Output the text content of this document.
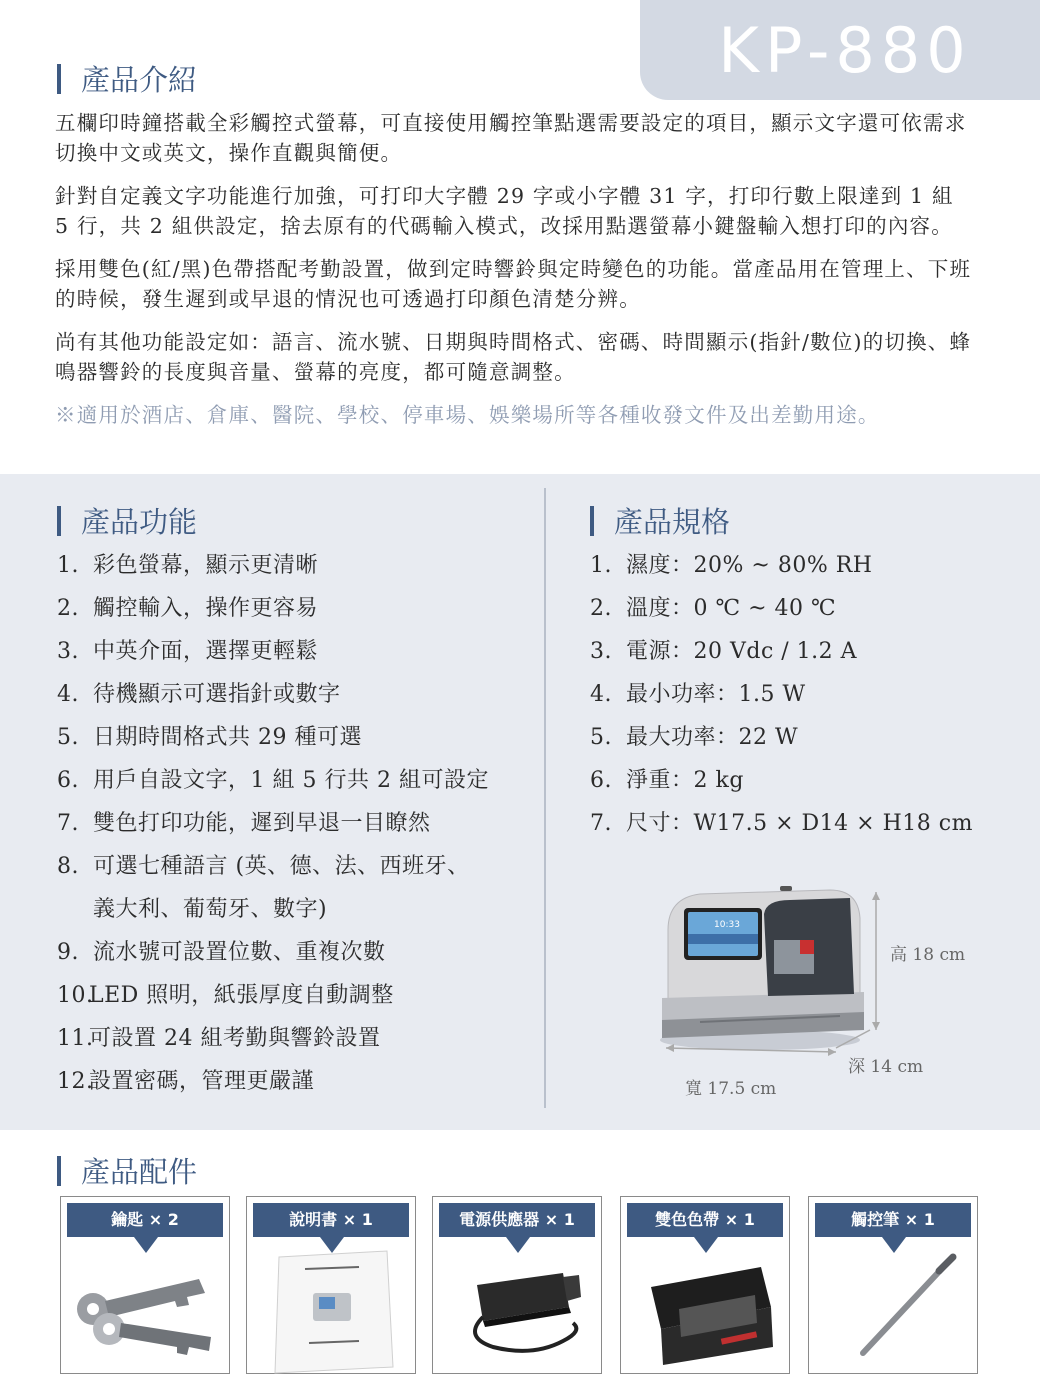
KP-880
產品介紹

五欄印時鐘搭載全彩觸控式螢幕，可直接使用觸控筆點選需要設定的項目，顯示文字還可依需求切換中文或英文，操作直觀與簡便。

針對自定義文字功能進行加強，可打印大字體 29 字或小字體 31 字，打印行數上限達到 1 組 5 行，共 2 組供設定，捨去原有的代碼輸入模式，改採用點選螢幕小鍵盤輸入想打印的內容。

採用雙色(紅/黑)色帶搭配考勤設置，做到定時響鈴與定時變色的功能。當產品用在管理上、下班的時候，發生遲到或早退的情況也可透過打印顏色清楚分辨。

尚有其他功能設定如：語言、流水號、日期與時間格式、密碼、時間顯示(指針/數位)的切換、蜂鳴器響鈴的長度與音量、螢幕的亮度，都可隨意調整。

※適用於酒店、倉庫、醫院、學校、停車場、娛樂場所等各種收發文件及出差勤用途。

產品功能
1. 彩色螢幕，顯示更清晰
2. 觸控輸入，操作更容易
3. 中英介面，選擇更輕鬆
4. 待機顯示可選指針或數字
5. 日期時間格式共 29 種可選
6. 用戶自設文字，1 組 5 行共 2 組可設定
7. 雙色打印功能，遲到早退一目瞭然
8. 可選七種語言 (英、德、法、西班牙、
義大利、葡萄牙、數字)
9. 流水號可設置位數、重複次數
10.LED 照明，紙張厚度自動調整
11.可設置 24 組考勤與響鈴設置
12.設置密碼，管理更嚴謹
產品規格
1. 濕度：20% ~ 80% RH
2. 溫度：0 ℃ ~ 40 ℃
3. 電源：20 Vdc / 1.2 A
4. 最小功率：1.5 W
5. 最大功率：22 W
6. 淨重：2 kg
7. 尺寸：W17.5 × D14 × H18 cm
10:33
高 18 cm
深 14 cm
寬 17.5 cm
產品配件
鑰匙 × 2	說明書 × 1	電源供應器 × 1	雙色色帶 × 1	觸控筆 × 1
